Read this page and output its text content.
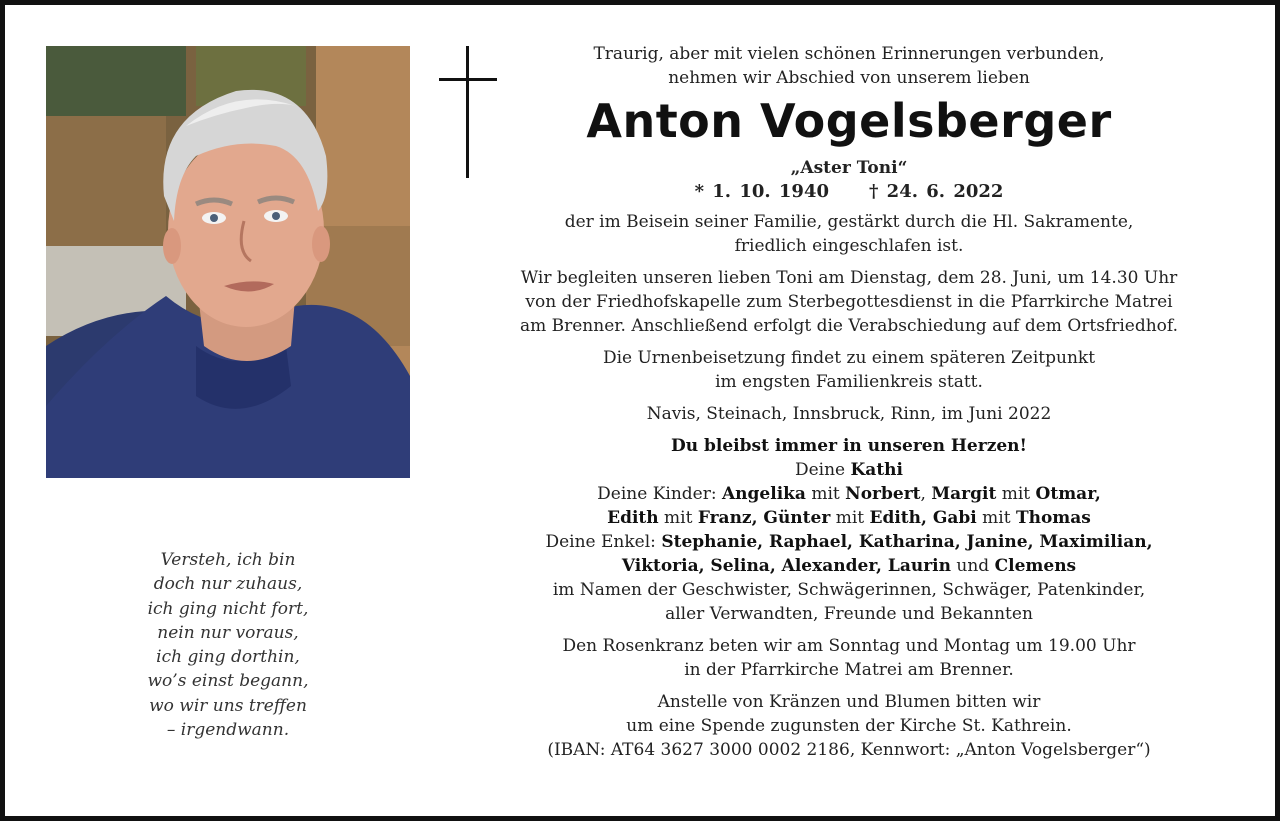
Traurig, aber mit vielen schönen Erinnerungen verbunden,
nehmen wir Abschied von unserem lieben
Anton Vogelsberger
„Aster Toni“
* 1. 10. 1940 † 24. 6. 2022
der im Beisein seiner Familie, gestärkt durch die Hl. Sakramente,
friedlich eingeschlafen ist.
Wir begleiten unseren lieben Toni am Dienstag, dem 28. Juni, um 14.30 Uhr
von der Friedhofskapelle zum Sterbegottesdienst in die Pfarrkirche Matrei
am Brenner. Anschließend erfolgt die Verabschiedung auf dem Ortsfriedhof.
Die Urnenbeisetzung findet zu einem späteren Zeitpunkt
im engsten Familienkreis statt.
Navis, Steinach, Innsbruck, Rinn, im Juni 2022
Du bleibst immer in unseren Herzen!
Deine Kathi
Deine Kinder: Angelika mit Norbert, Margit mit Otmar,
Edith mit Franz, Günter mit Edith, Gabi mit Thomas
Deine Enkel: Stephanie, Raphael, Katharina, Janine, Maximilian,
Viktoria, Selina, Alexander, Laurin und Clemens
im Namen der Geschwister, Schwägerinnen, Schwäger, Patenkinder,
aller Verwandten, Freunde und Bekannten
Den Rosenkranz beten wir am Sonntag und Montag um 19.00 Uhr
in der Pfarrkirche Matrei am Brenner.
Anstelle von Kränzen und Blumen bitten wir
um eine Spende zugunsten der Kirche St. Kathrein.
(IBAN: AT64 3627 3000 0002 2186, Kennwort: „Anton Vogelsberger“)
Versteh, ich bin
doch nur zuhaus,
ich ging nicht fort,
nein nur voraus,
ich ging dorthin,
wo’s einst begann,
wo wir uns treffen
– irgendwann.
